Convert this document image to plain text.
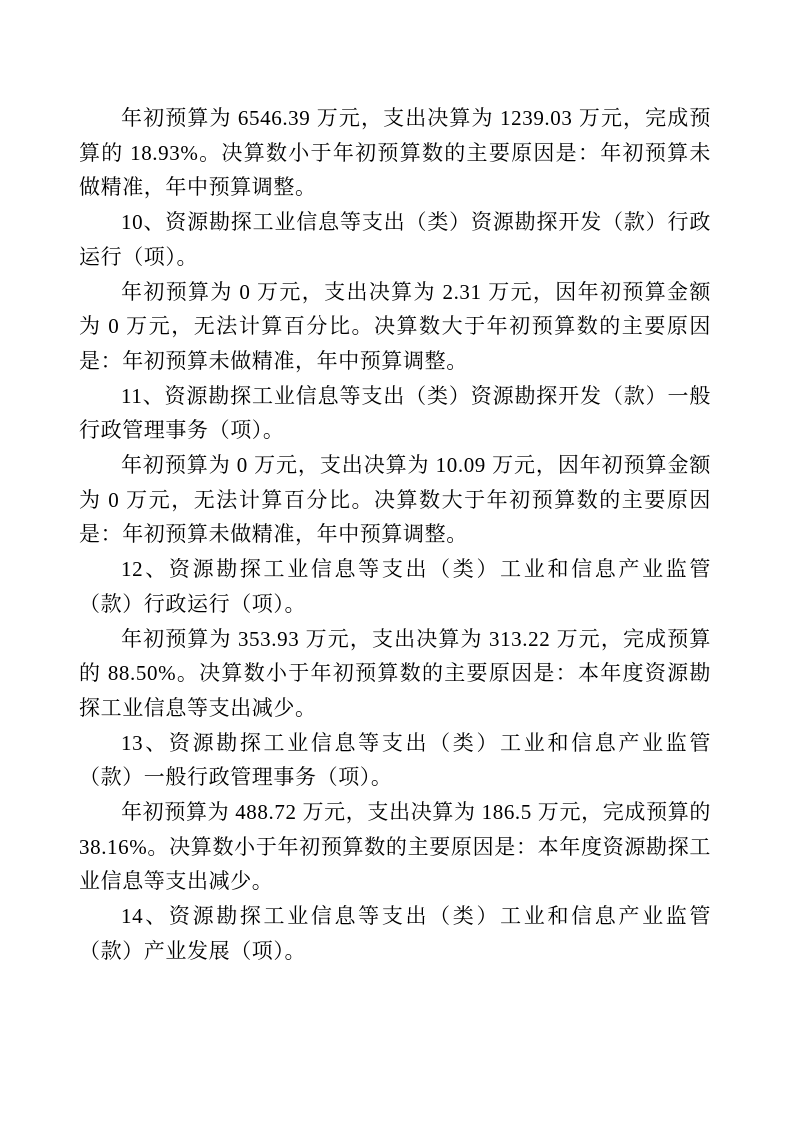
年初预算为 6546.39 万元，支出决算为 1239.03 万元，完成预算的 18.93%。决算数小于年初预算数的主要原因是：年初预算未做精准，年中预算调整。

10、资源勘探工业信息等支出（类）资源勘探开发（款）行政运行（项）。

年初预算为 0 万元，支出决算为 2.31 万元，因年初预算金额为 0 万元，无法计算百分比。决算数大于年初预算数的主要原因是：年初预算未做精准，年中预算调整。

11、资源勘探工业信息等支出（类）资源勘探开发（款）一般行政管理事务（项）。

年初预算为 0 万元，支出决算为 10.09 万元，因年初预算金额为 0 万元，无法计算百分比。决算数大于年初预算数的主要原因是：年初预算未做精准，年中预算调整。

12、资源勘探工业信息等支出（类）工业和信息产业监管（款）行政运行（项）。

年初预算为 353.93 万元，支出决算为 313.22 万元，完成预算的 88.50%。决算数小于年初预算数的主要原因是：本年度资源勘探工业信息等支出减少。

13、资源勘探工业信息等支出（类）工业和信息产业监管（款）一般行政管理事务（项）。

年初预算为 488.72 万元，支出决算为 186.5 万元，完成预算的 38.16%。决算数小于年初预算数的主要原因是：本年度资源勘探工业信息等支出减少。

14、资源勘探工业信息等支出（类）工业和信息产业监管（款）产业发展（项）。
